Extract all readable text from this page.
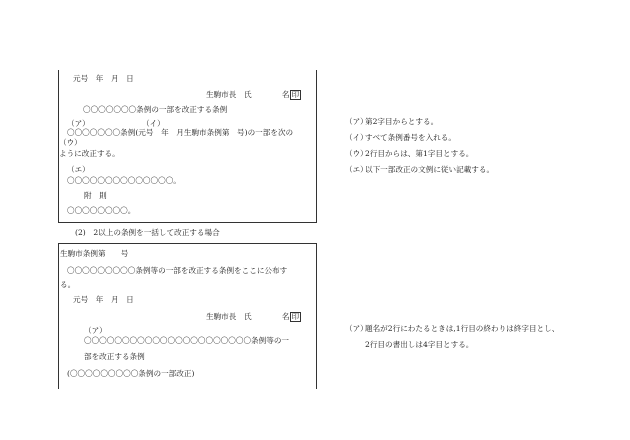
元号　年　月　日
生駒市長　氏　　　　名 印
〇〇〇〇〇〇〇条例の一部を改正する条例
（ア）	（イ）
〇〇〇〇〇〇〇条例(元号　年　月生駒市条例第　号)の一部を次の
（ウ）
ように改正する。
（エ）
〇〇〇〇〇〇〇〇〇〇〇〇〇〇。
附　則
〇〇〇〇〇〇〇〇。
(2)　2以上の条例を一括して改正する場合
生駒市条例第　　号
〇〇〇〇〇〇〇〇〇条例等の一部を改正する条例をここに公布す
る。
元号　年　月　日
生駒市長　氏　　　　名 印
（ア）
〇〇〇〇〇〇〇〇〇〇〇〇〇〇〇〇〇〇〇〇〇〇条例等の一
部を改正する条例
(〇〇〇〇〇〇〇〇〇条例の一部改正)
（ア）第2字目からとする。
（イ）すべて条例番号を入れる。
（ウ）2行目からは、第1字目とする。
（エ）以下一部改正の文例に従い記載する。
（ア）題名が2行にわたるときは,1行目の終わりは終字目とし、
2行目の書出しは4字目とする。
